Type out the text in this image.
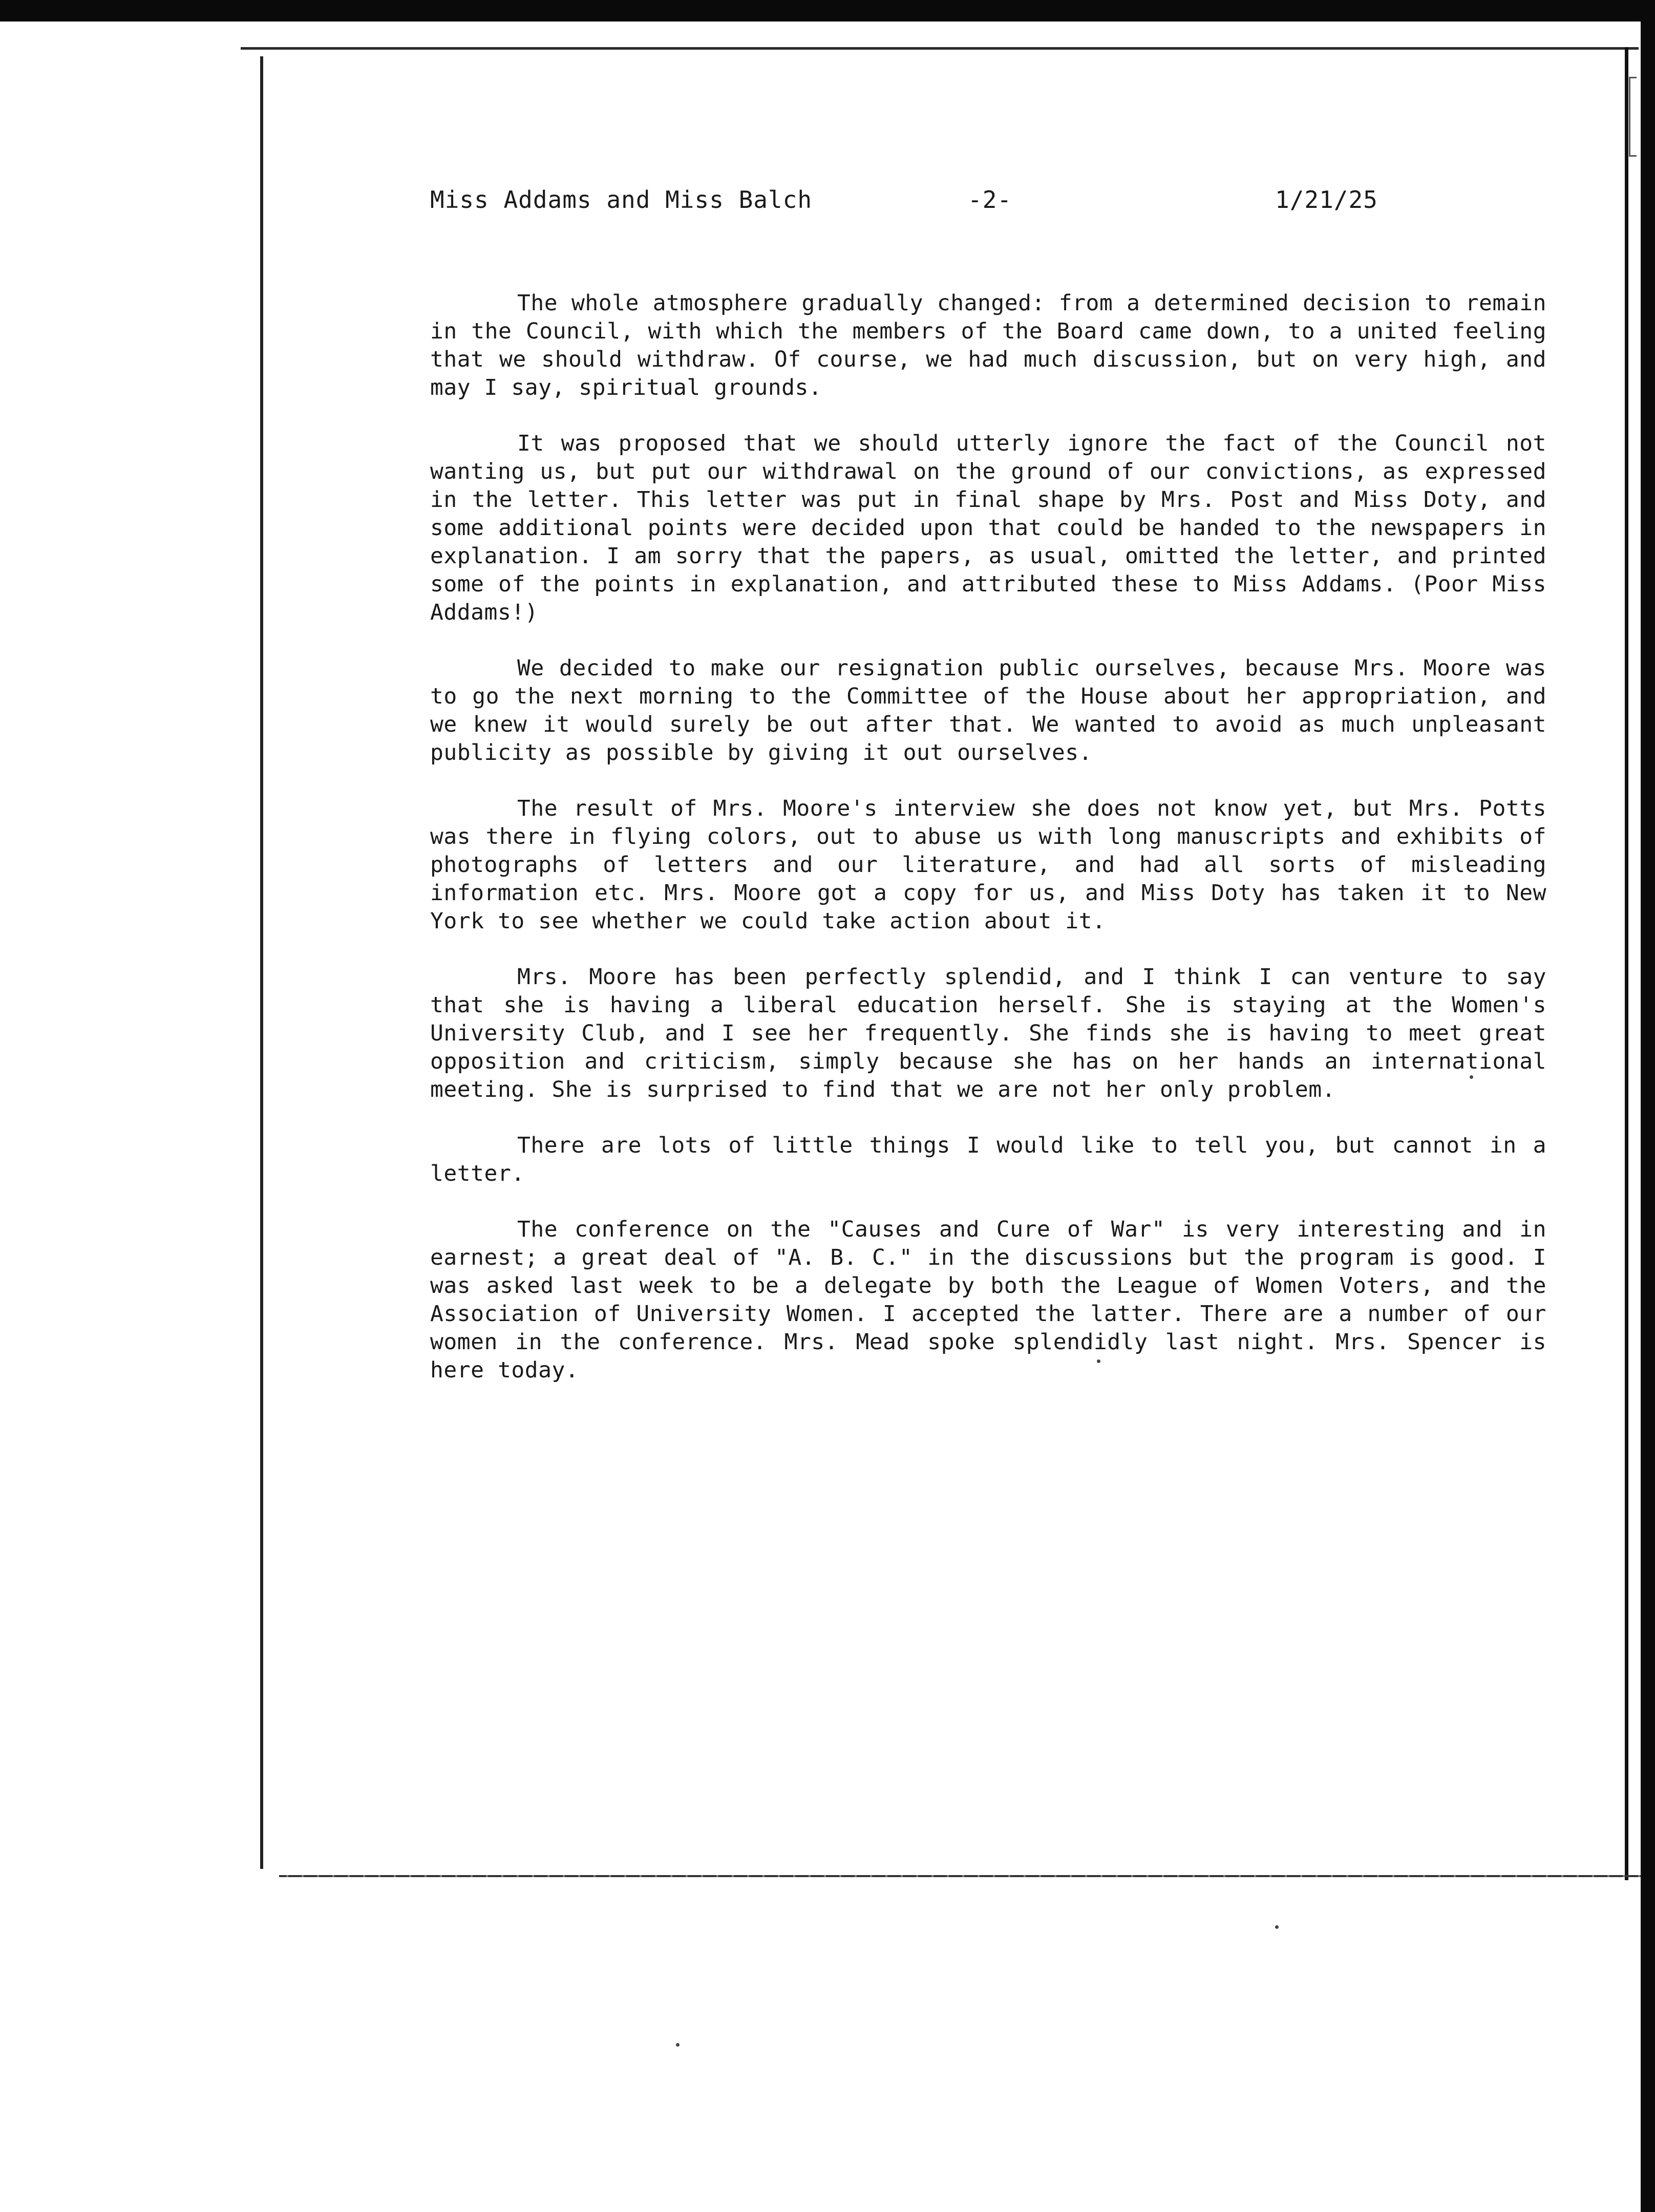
Miss Addams and Miss Balch	-2-	1/21/25

The whole atmosphere gradually changed: from a determined decision to remain in the Council, with which the members of the Board came down, to a united feeling that we should withdraw. Of course, we had much discussion, but on very high, and may I say, spiritual grounds.

It was proposed that we should utterly ignore the fact of the Council not wanting us, but put our withdrawal on the ground of our convictions, as expressed in the letter. This letter was put in final shape by Mrs. Post and Miss Doty, and some additional points were decided upon that could be handed to the newspapers in explanation. I am sorry that the papers, as usual, omitted the letter, and printed some of the points in explanation, and attributed these to Miss Addams. (Poor Miss Addams!)

We decided to make our resignation public ourselves, because Mrs. Moore was to go the next morning to the Committee of the House about her appropriation, and we knew it would surely be out after that. We wanted to avoid as much unpleasant publicity as possible by giving it out ourselves.

The result of Mrs. Moore's interview she does not know yet, but Mrs. Potts was there in flying colors, out to abuse us with long manuscripts and exhibits of photographs of letters and our literature, and had all sorts of misleading information etc. Mrs. Moore got a copy for us, and Miss Doty has taken it to New York to see whether we could take action about it.

Mrs. Moore has been perfectly splendid, and I think I can venture to say that she is having a liberal education herself. She is staying at the Women's University Club, and I see her frequently. She finds she is having to meet great opposition and criticism, simply because she has on her hands an international meeting. She is surprised to find that we are not her only problem.

There are lots of little things I would like to tell you, but cannot in a letter.

The conference on the "Causes and Cure of War" is very interesting and in earnest; a great deal of "A. B. C." in the discussions but the program is good. I was asked last week to be a delegate by both the League of Women Voters, and the Association of University Women. I accepted the latter. There are a number of our women in the conference. Mrs. Mead spoke splendidly last night. Mrs. Spencer is here today.
